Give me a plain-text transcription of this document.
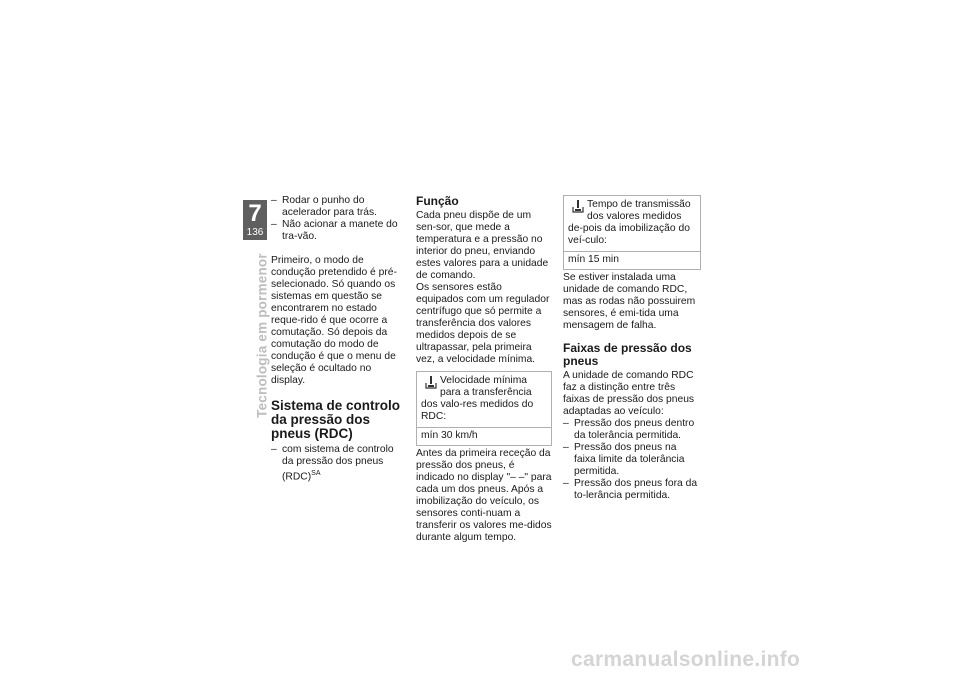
7
136
Tecnologia em pormenor

– Rodar o punho do acelerador para trás.

– Não acionar a manete do tra-vão.

Primeiro, o modo de condução pretendido é pré-selecionado. Só quando os sistemas em questão se encontrarem no estado reque-rido é que ocorre a comutação. Só depois da comutação do modo de condução é que o menu de seleção é ocultado no display.

Sistema de controlo da pressão dos pneus (RDC)

– com sistema de controlo da pressão dos pneus (RDC)$^{SA}$

Função

Cada pneu dispõe de um sen-sor, que mede a temperatura e a pressão no interior do pneu, enviando estes valores para a unidade de comando.

Os sensores estão equipados com um regulador centrífugo que só permite a transferência dos valores medidos depois de se ultrapassar, pela primeira vez, a velocidade mínima.

Velocidade mínima para a transferência dos valo-res medidos do RDC:
mín 30 km/h

Antes da primeira receção da pressão dos pneus, é indicado no display "– –" para cada um dos pneus. Após a imobilização do veículo, os sensores conti-nuam a transferir os valores me-didos durante algum tempo.

Tempo de transmissão dos valores medidos de-pois da imobilização do veí-culo:
mín 15 min

Se estiver instalada uma unidade de comando RDC, mas as rodas não possuirem sensores, é emi-tida uma mensagem de falha.

Faixas de pressão dos pneus

A unidade de comando RDC faz a distinção entre três faixas de pressão dos pneus adaptadas ao veículo:

– Pressão dos pneus dentro da tolerância permitida.

– Pressão dos pneus na faixa limite da tolerância permitida.

– Pressão dos pneus fora da to-lerância permitida.

carmanualsonline.info
